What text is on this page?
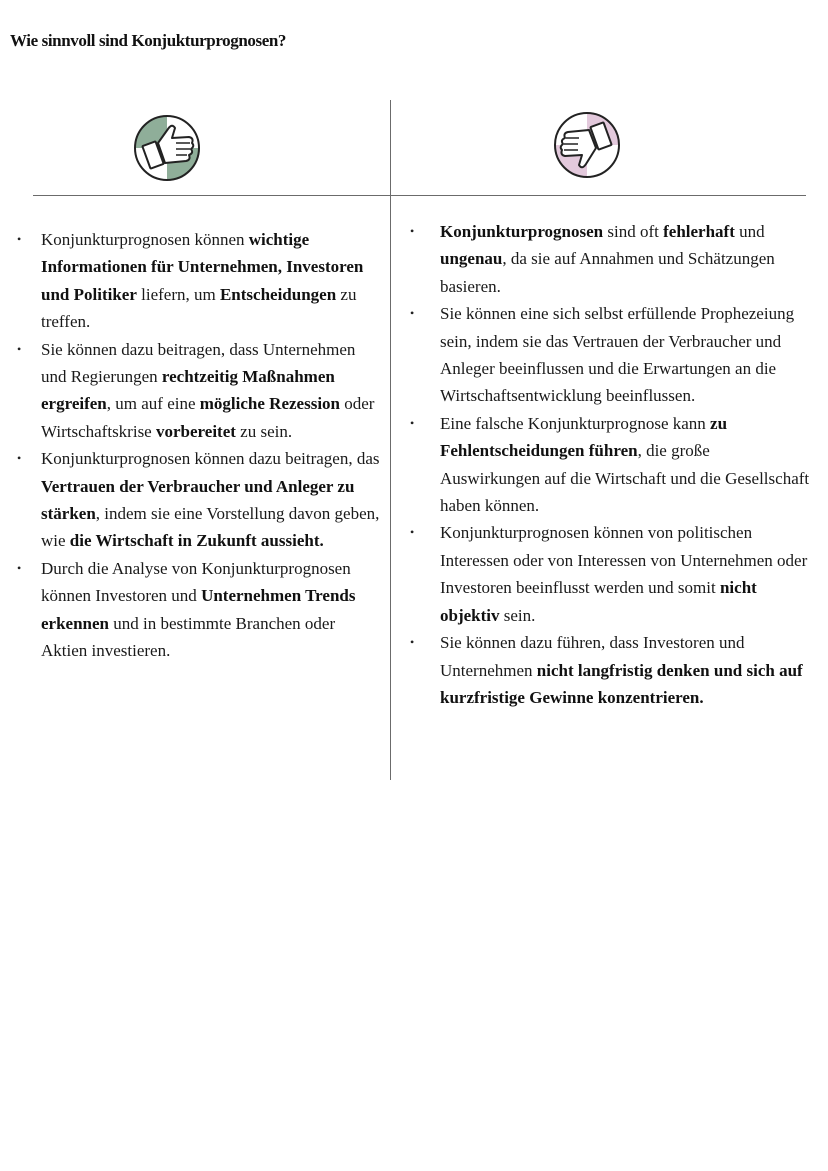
Wie sinnvoll sind Konjukturprognosen?
• Konjunkturprognosen können wichtige Informationen für Unternehmen, Investoren und Politiker liefern, um Entscheidungen zu treffen.
• Sie können dazu beitragen, dass Unternehmen und Regierungen rechtzeitig Maßnahmen ergreifen, um auf eine mögliche Rezession oder Wirtschaftskrise vorbereitet zu sein.
• Konjunkturprognosen können dazu beitragen, das Vertrauen der Verbraucher und Anleger zu stärken, indem sie eine Vorstellung davon geben, wie die Wirtschaft in Zukunft aussieht.
• Durch die Analyse von Konjunkturprognosen können Investoren und Unternehmen Trends erkennen und in bestimmte Branchen oder Aktien investieren.
• Konjunkturprognosen sind oft fehlerhaft und ungenau, da sie auf Annahmen und Schätzungen basieren.
• Sie können eine sich selbst erfüllende Prophezeiung sein, indem sie das Vertrauen der Verbraucher und Anleger beeinflussen und die Erwartungen an die Wirtschaftsentwicklung beeinflussen.
• Eine falsche Konjunkturprognose kann zu Fehlentscheidungen führen, die große Auswirkungen auf die Wirtschaft und die Gesellschaft haben können.
• Konjunkturprognosen können von politischen Interessen oder von Interessen von Unternehmen oder Investoren beeinflusst werden und somit nicht objektiv sein.
• Sie können dazu führen, dass Investoren und Unternehmen nicht langfristig denken und sich auf kurzfristige Gewinne konzentrieren.
